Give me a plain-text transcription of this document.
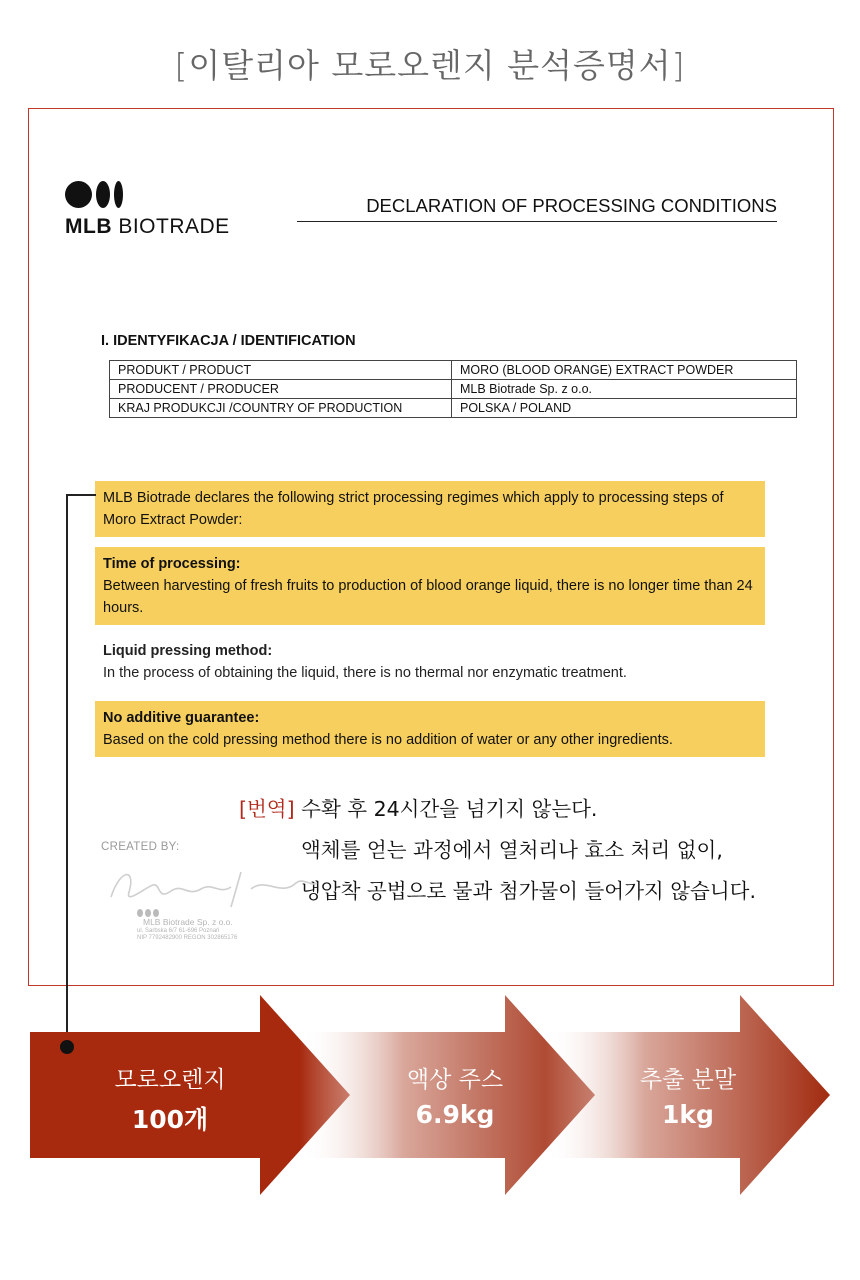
[이탈리아 모로오렌지 분석증명서]
MLB BIOTRADE
DECLARATION OF PROCESSING CONDITIONS
I. IDENTYFIKACJA / IDENTIFICATION
PRODUKT / PRODUCT	MORO (BLOOD ORANGE) EXTRACT POWDER
PRODUCENT / PRODUCER	MLB Biotrade Sp. z o.o.
KRAJ PRODUKCJI /COUNTRY OF PRODUCTION	POLSKA / POLAND
MLB Biotrade declares the following strict processing regimes which apply to processing steps of Moro Extract Powder:
Time of processing:
Between harvesting of fresh fruits to production of blood orange liquid, there is no longer time than 24 hours.
Liquid pressing method:
In the process of obtaining the liquid, there is no thermal nor enzymatic treatment.
No additive guarantee:
Based on the cold pressing method there is no addition of water or any other ingredients.
[번역] 수확 후 24시간을 넘기지 않는다.
액체를 얻는 과정에서 열처리나 효소 처리 없이,
냉압착 공법으로 물과 첨가물이 들어가지 않습니다.
CREATED BY:
MLB Biotrade Sp. z o.o.
ul. Sarbska 6/7 61-696 Poznań
NIP 7792482900 REGON 302865176
모로오렌지
100개
액상 주스
6.9kg
추출 분말
1kg
